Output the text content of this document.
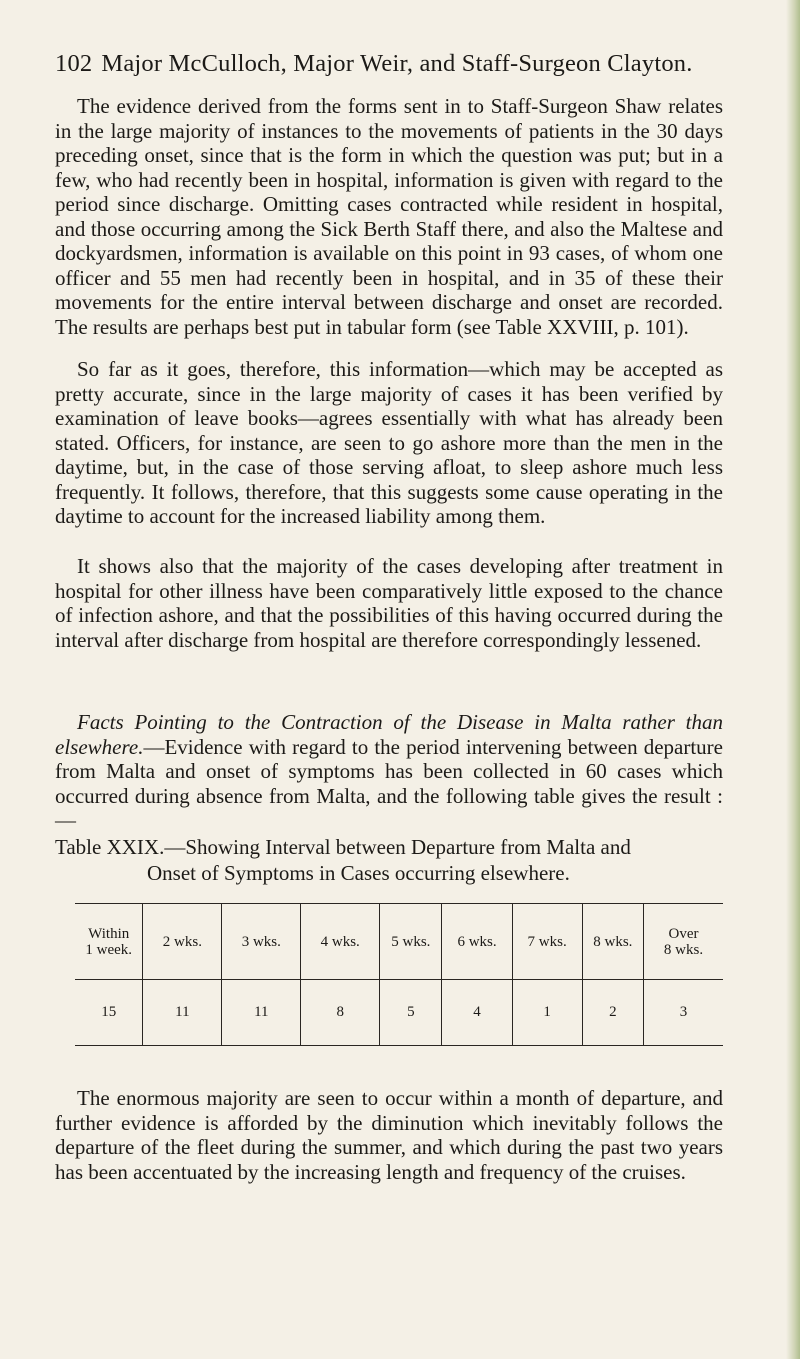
102 Major McCulloch, Major Weir, and Staff-Surgeon Clayton.

The evidence derived from the forms sent in to Staff-Surgeon Shaw relates in the large majority of instances to the movements of patients in the 30 days preceding onset, since that is the form in which the question was put; but in a few, who had recently been in hospital, information is given with regard to the period since discharge. Omitting cases contracted while resident in hospital, and those occurring among the Sick Berth Staff there, and also the Maltese and dockyardsmen, information is available on this point in 93 cases, of whom one officer and 55 men had recently been in hospital, and in 35 of these their movements for the entire interval between discharge and onset are recorded. The results are perhaps best put in tabular form (see Table XXVIII, p. 101).

So far as it goes, therefore, this information—which may be accepted as pretty accurate, since in the large majority of cases it has been verified by examination of leave books—agrees essentially with what has already been stated. Officers, for instance, are seen to go ashore more than the men in the daytime, but, in the case of those serving afloat, to sleep ashore much less frequently. It follows, therefore, that this suggests some cause operating in the daytime to account for the increased liability among them.

It shows also that the majority of the cases developing after treatment in hospital for other illness have been comparatively little exposed to the chance of infection ashore, and that the possibilities of this having occurred during the interval after discharge from hospital are therefore correspondingly lessened.

Facts Pointing to the Contraction of the Disease in Malta rather than elsewhere.—Evidence with regard to the period intervening between departure from Malta and onset of symptoms has been collected in 60 cases which occurred during absence from Malta, and the following table gives the result :—

Table XXIX.—Showing Interval between Departure from Malta and
Onset of Symptoms in Cases occurring elsewhere.

Within
1 week.	2 wks.	3 wks.	4 wks.	5 wks.	6 wks.	7 wks.	8 wks.	Over
8 wks.

15	11	11	8	5	4	1	2	3

The enormous majority are seen to occur within a month of departure, and further evidence is afforded by the diminution which inevitably follows the departure of the fleet during the summer, and which during the past two years has been accentuated by the increasing length and frequency of the cruises.
